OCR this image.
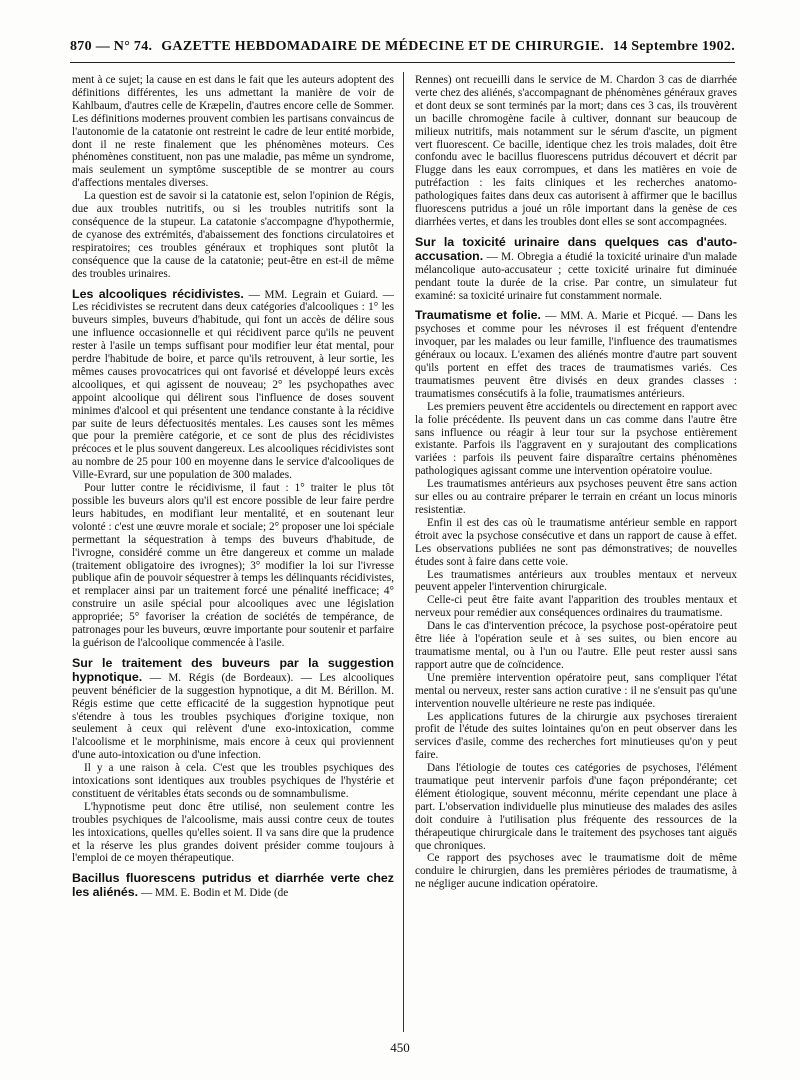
870 — N° 74. GAZETTE HEBDOMADAIRE DE MÉDECINE ET DE CHIRURGIE. 14 Septembre 1902.

ment à ce sujet; la cause en est dans le fait que les auteurs adoptent des définitions différentes, les uns admettant la manière de voir de Kahlbaum, d'autres celle de Kræpelin, d'autres encore celle de Sommer. Les définitions modernes prouvent combien les partisans convaincus de l'autonomie de la catatonie ont restreint le cadre de leur entité morbide, dont il ne reste finalement que les phénomènes moteurs. Ces phénomènes constituent, non pas une maladie, pas même un syndrome, mais seulement un symptôme susceptible de se montrer au cours d'affections mentales diverses.

La question est de savoir si la catatonie est, selon l'opinion de Régis, due aux troubles nutritifs, ou si les troubles nutritifs sont la conséquence de la stupeur. La catatonie s'accompagne d'hypothermie, de cyanose des extrémités, d'abaissement des fonctions circulatoires et respiratoires; ces troubles généraux et trophiques sont plutôt la conséquence que la cause de la catatonie; peut-être en est-il de même des troubles urinaires.

Les alcooliques récidivistes. — MM. Legrain et Guiard. — Les récidivistes se recrutent dans deux catégories d'alcooliques : 1° les buveurs simples, buveurs d'habitude, qui font un accès de délire sous une influence occasionnelle et qui récidivent parce qu'ils ne peuvent rester à l'asile un temps suffisant pour modifier leur état mental, pour perdre l'habitude de boire, et parce qu'ils retrouvent, à leur sortie, les mêmes causes provocatrices qui ont favorisé et développé leurs excès alcooliques, et qui agissent de nouveau; 2° les psychopathes avec appoint alcoolique qui délirent sous l'influence de doses souvent minimes d'alcool et qui présentent une tendance constante à la récidive par suite de leurs défectuosités mentales. Les causes sont les mêmes que pour la première catégorie, et ce sont de plus des récidivistes précoces et le plus souvent dangereux. Les alcooliques récidivistes sont au nombre de 25 pour 100 en moyenne dans le service d'alcooliques de Ville-Evrard, sur une population de 300 malades.

Pour lutter contre le récidivisme, il faut : 1° traiter le plus tôt possible les buveurs alors qu'il est encore possible de leur faire perdre leurs habitudes, en modifiant leur mentalité, et en soutenant leur volonté : c'est une œuvre morale et sociale; 2° proposer une loi spéciale permettant la séquestration à temps des buveurs d'habitude, de l'ivrogne, considéré comme un être dangereux et comme un malade (traitement obligatoire des ivrognes); 3° modifier la loi sur l'ivresse publique afin de pouvoir séquestrer à temps les délinquants récidivistes, et remplacer ainsi par un traitement forcé une pénalité inefficace; 4° construire un asile spécial pour alcooliques avec une législation appropriée; 5° favoriser la création de sociétés de tempérance, de patronages pour les buveurs, œuvre importante pour soutenir et parfaire la guérison de l'alcoolique commencée à l'asile.

Sur le traitement des buveurs par la suggestion hypnotique. — M. Régis (de Bordeaux). — Les alcooliques peuvent bénéficier de la suggestion hypnotique, a dit M. Bérillon. M. Régis estime que cette efficacité de la suggestion hypnotique peut s'étendre à tous les troubles psychiques d'origine toxique, non seulement à ceux qui relèvent d'une exo-intoxication, comme l'alcoolisme et le morphinisme, mais encore à ceux qui proviennent d'une auto-intoxication ou d'une infection.

Il y a une raison à cela. C'est que les troubles psychiques des intoxications sont identiques aux troubles psychiques de l'hystérie et constituent de véritables états seconds ou de somnambulisme.

L'hypnotisme peut donc être utilisé, non seulement contre les troubles psychiques de l'alcoolisme, mais aussi contre ceux de toutes les intoxications, quelles qu'elles soient. Il va sans dire que la prudence et la réserve les plus grandes doivent présider comme toujours à l'emploi de ce moyen thérapeutique.

Bacillus fluorescens putridus et diarrhée verte chez les aliénés. — MM. E. Bodin et M. Dide (de

Rennes) ont recueilli dans le service de M. Chardon 3 cas de diarrhée verte chez des aliénés, s'accompagnant de phénomènes généraux graves et dont deux se sont terminés par la mort; dans ces 3 cas, ils trouvèrent un bacille chromogène facile à cultiver, donnant sur beaucoup de milieux nutritifs, mais notamment sur le sérum d'ascite, un pigment vert fluorescent. Ce bacille, identique chez les trois malades, doit être confondu avec le bacillus fluorescens putridus découvert et décrit par Flugge dans les eaux corrompues, et dans les matières en voie de putréfaction : les faits cliniques et les recherches anatomo-pathologiques faites dans deux cas autorisent à affirmer que le bacillus fluorescens putridus a joué un rôle important dans la genèse de ces diarrhées vertes, et dans les troubles dont elles se sont accompagnées.

Sur la toxicité urinaire dans quelques cas d'auto-accusation. — M. Obregia a étudié la toxicité urinaire d'un malade mélancolique auto-accusateur ; cette toxicité urinaire fut diminuée pendant toute la durée de la crise. Par contre, un simulateur fut examiné: sa toxicité urinaire fut constamment normale.

Traumatisme et folie. — MM. A. Marie et Picqué. — Dans les psychoses et comme pour les névroses il est fréquent d'entendre invoquer, par les malades ou leur famille, l'influence des traumatismes généraux ou locaux. L'examen des aliénés montre d'autre part souvent qu'ils portent en effet des traces de traumatismes variés. Ces traumatismes peuvent être divisés en deux grandes classes : traumatismes consécutifs à la folie, traumatismes antérieurs.

Les premiers peuvent être accidentels ou directement en rapport avec la folie précédente. Ils peuvent dans un cas comme dans l'autre être sans influence ou réagir à leur tour sur la psychose entièrement existante. Parfois ils l'aggravent en y surajoutant des complications variées : parfois ils peuvent faire disparaître certains phénomènes pathologiques agissant comme une intervention opératoire voulue.

Les traumatismes antérieurs aux psychoses peuvent être sans action sur elles ou au contraire préparer le terrain en créant un locus minoris resistentiæ.

Enfin il est des cas où le traumatisme antérieur semble en rapport étroit avec la psychose consécutive et dans un rapport de cause à effet. Les observations publiées ne sont pas démonstratives; de nouvelles études sont à faire dans cette voie.

Les traumatismes antérieurs aux troubles mentaux et nerveux peuvent appeler l'intervention chirurgicale.

Celle-ci peut être faite avant l'apparition des troubles mentaux et nerveux pour remédier aux conséquences ordinaires du traumatisme.

Dans le cas d'intervention précoce, la psychose post-opératoire peut être liée à l'opération seule et à ses suites, ou bien encore au traumatisme mental, ou à l'un ou l'autre. Elle peut rester aussi sans rapport autre que de coïncidence.

Une première intervention opératoire peut, sans compliquer l'état mental ou nerveux, rester sans action curative : il ne s'ensuit pas qu'une intervention nouvelle ultérieure ne reste pas indiquée.

Les applications futures de la chirurgie aux psychoses tireraient profit de l'étude des suites lointaines qu'on en peut observer dans les services d'asile, comme des recherches fort minutieuses qu'on y peut faire.

Dans l'étiologie de toutes ces catégories de psychoses, l'élément traumatique peut intervenir parfois d'une façon prépondérante; cet élément étiologique, souvent méconnu, mérite cependant une place à part. L'observation individuelle plus minutieuse des malades des asiles doit conduire à l'utilisation plus fréquente des ressources de la thérapeutique chirurgicale dans le traitement des psychoses tant aiguës que chroniques.

Ce rapport des psychoses avec le traumatisme doit de même conduire le chirurgien, dans les premières périodes de traumatisme, à ne négliger aucune indication opératoire.

450
